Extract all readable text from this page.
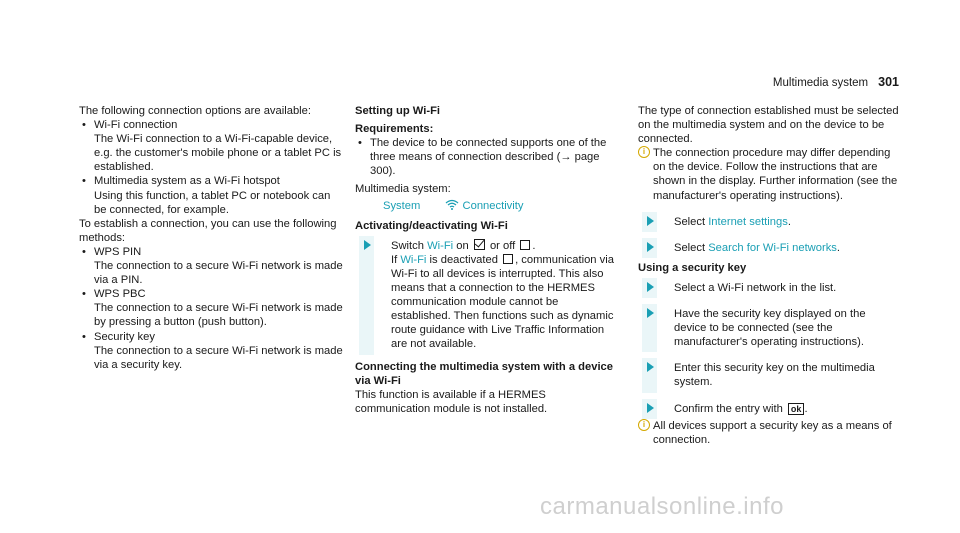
Multimedia system 301

The following connection options are available:

• Wi-Fi connection

The Wi-Fi connection to a Wi-Fi-capable device, e.g. the customer's mobile phone or a tablet PC is established.

• Multimedia system as a Wi-Fi hotspot

Using this function, a tablet PC or notebook can be connected, for example.

To establish a connection, you can use the following methods:

• WPS PIN

The connection to a secure Wi-Fi network is made via a PIN.

• WPS PBC

The connection to a secure Wi-Fi network is made by pressing a button (push button).

• Security key

The connection to a secure Wi-Fi network is made via a security key.

Setting up Wi-Fi

Requirements:

• The device to be connected supports one of the three means of connection described (→ page 300).

Multimedia system:

System	Connectivity

Activating/deactivating Wi-Fi

Switch Wi-Fi on or off .
If Wi-Fi is deactivated , communication via Wi-Fi to all devices is interrupted. This also means that a connection to the HERMES communication module cannot be established. Then functions such as dynamic route guidance with Live Traffic Information are not available.

Connecting the multimedia system with a device via Wi-Fi

This function is available if a HERMES communication module is not installed.

The type of connection established must be selected on the multimedia system and on the device to be connected.

i The connection procedure may differ depending on the device. Follow the instructions that are shown in the display. Further information (see the manufacturer's operating instructions).

Select Internet settings.

Select Search for Wi-Fi networks.

Using a security key

Select a Wi-Fi network in the list.

Have the security key displayed on the device to be connected (see the manufacturer's operating instructions).

Enter this security key on the multimedia system.

Confirm the entry with ok .

i All devices support a security key as a means of connection.

carmanualsonline.info
